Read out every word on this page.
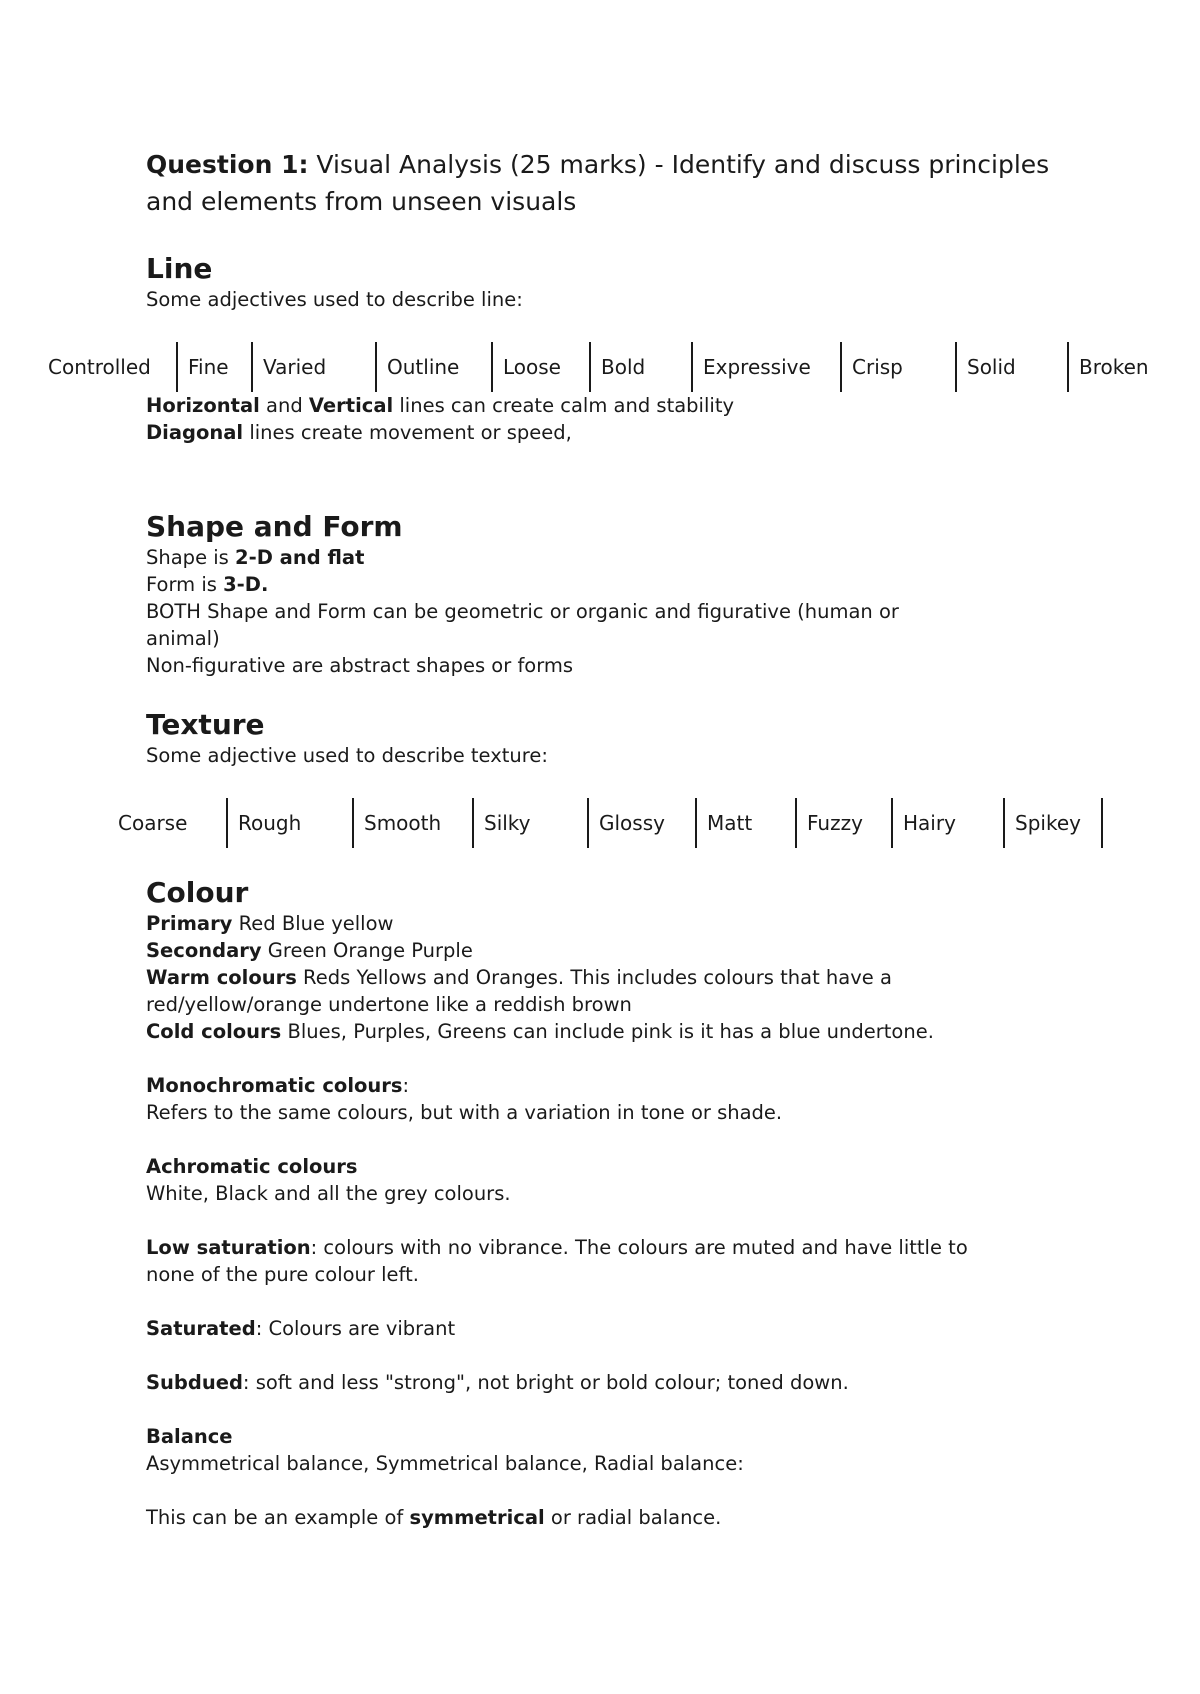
Question 1: Visual Analysis (25 marks) - Identify and discuss principles
and elements from unseen visuals
Line
Some adjectives used to describe line:
Controlled	Fine	Varied	Outline	Loose	Bold	Expressive	Crisp	Solid	Broken
Horizontal and Vertical lines can create calm and stability
Diagonal lines create movement or speed,
Shape and Form
Shape is 2-D and flat
Form is 3-D.
BOTH Shape and Form can be geometric or organic and figurative (human or
animal)
Non-figurative are abstract shapes or forms
Texture
Some adjective used to describe texture:
Coarse	Rough	Smooth	Silky	Glossy	Matt	Fuzzy	Hairy	Spikey
Colour
Primary Red Blue yellow
Secondary Green Orange Purple
Warm colours Reds Yellows and Oranges. This includes colours that have a
red/yellow/orange undertone like a reddish brown
Cold colours Blues, Purples, Greens can include pink is it has a blue undertone.
Monochromatic colours:
Refers to the same colours, but with a variation in tone or shade.
Achromatic colours
White, Black and all the grey colours.
Low saturation: colours with no vibrance. The colours are muted and have little to
none of the pure colour left.
Saturated: Colours are vibrant
Subdued: soft and less "strong", not bright or bold colour; toned down.
Balance
Asymmetrical balance, Symmetrical balance, Radial balance:
This can be an example of symmetrical or radial balance.
